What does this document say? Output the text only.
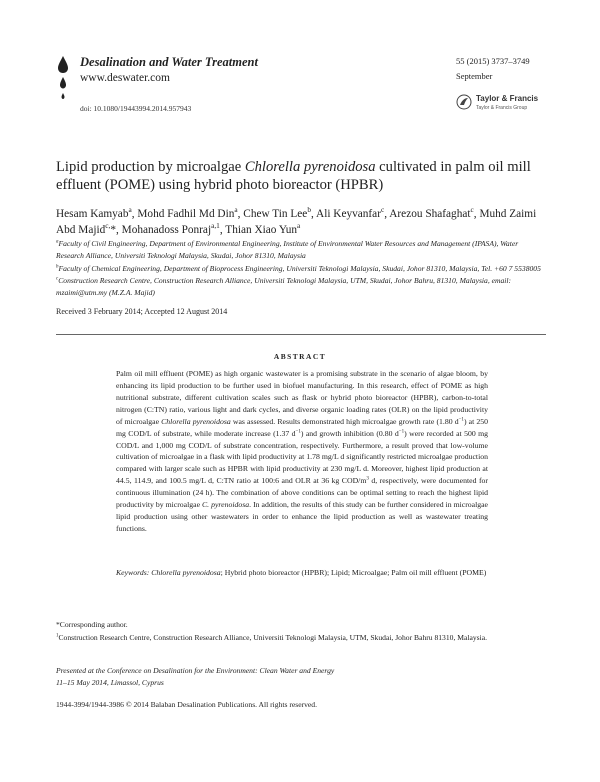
Desalination and Water Treatment
www.deswater.com
doi: 10.1080/19443994.2014.957943
55 (2015) 3737–3749
September
Taylor & Francis
Taylor & Francis Group
Lipid production by microalgae Chlorella pyrenoidosa cultivated in palm oil mill effluent (POME) using hybrid photo bioreactor (HPBR)
Hesam Kamyab$^a$, Mohd Fadhil Md Din$^a$, Chew Tin Lee$^b$, Ali Keyvanfar$^c$, Arezou Shafaghat$^c$, Muhd Zaimi Abd Majid$^{c,}$*, Mohanadoss Ponraj$^{a,1}$, Thian Xiao Yun$^a$

$^a$Faculty of Civil Engineering, Department of Environmental Engineering, Institute of Environmental Water Resources and Management (IPASA), Water Research Alliance, Universiti Teknologi Malaysia, Skudai, Johor 81310, Malaysia

$^b$Faculty of Chemical Engineering, Department of Bioprocess Engineering, Universiti Teknologi Malaysia, Skudai, Johor 81310, Malaysia, Tel. +60 7 5538005

$^c$Construction Research Centre, Construction Research Alliance, Universiti Teknologi Malaysia, UTM, Skudai, Johor Bahru, 81310, Malaysia, email: mzaimi@utm.my (M.Z.A. Majid)

Received 3 February 2014; Accepted 12 August 2014
ABSTRACT
Palm oil mill effluent (POME) as high organic wastewater is a promising substrate in the scenario of algae bloom, by enhancing its lipid production to be further used in biofuel manufacturing. In this research, effect of POME as high nutritional substrate, different cultivation scales such as flask or hybrid photo bioreactor (HPBR), carbon-to-total nitrogen (C:TN) ratio, various light and dark cycles, and diverse organic loading rates (OLR) on the lipid productivity of microalgae Chlorella pyrenoidosa was assessed. Results demonstrated high microalgae growth rate (1.80 $d^{-1}$) at 250 mg COD/L of substrate, while moderate increase (1.37 $d^{-1}$) and growth inhibition (0.80 $d^{-1}$) were recorded at 500 mg COD/L and 1,000 mg COD/L of substrate concentration, respectively. Furthermore, a result proved that low-volume cultivation of microalgae in a flask with lipid productivity at 1.78 mg/L d significantly restricted microalgae production compared with larger scale such as HPBR with lipid productivity at 230 mg/L d. Moreover, highest lipid production at 44.5, 114.9, and 100.5 mg/L d, C:TN ratio at 100:6 and OLR at 36 kg COD/$m^3$ d, respectively, were documented for continuous illumination (24 h). The combination of above conditions can be optimal setting to reach the highest lipid productivity by microalgae C. pyrenoidosa. In addition, the results of this study can be further considered in microalgae lipid production using other wastewaters in order to enhance the lipid production as well as wastewater treating functions.
Keywords: Chlorella pyrenoidosa; Hybrid photo bioreactor (HPBR); Lipid; Microalgae; Palm oil mill effluent (POME)

*Corresponding author.

$^1$Construction Research Centre, Construction Research Alliance, Universiti Teknologi Malaysia, UTM, Skudai, Johor Bahru 81310, Malaysia.

Presented at the Conference on Desalination for the Environment: Clean Water and Energy

11–15 May 2014, Limassol, Cyprus

1944-3994/1944-3986 © 2014 Balaban Desalination Publications. All rights reserved.
